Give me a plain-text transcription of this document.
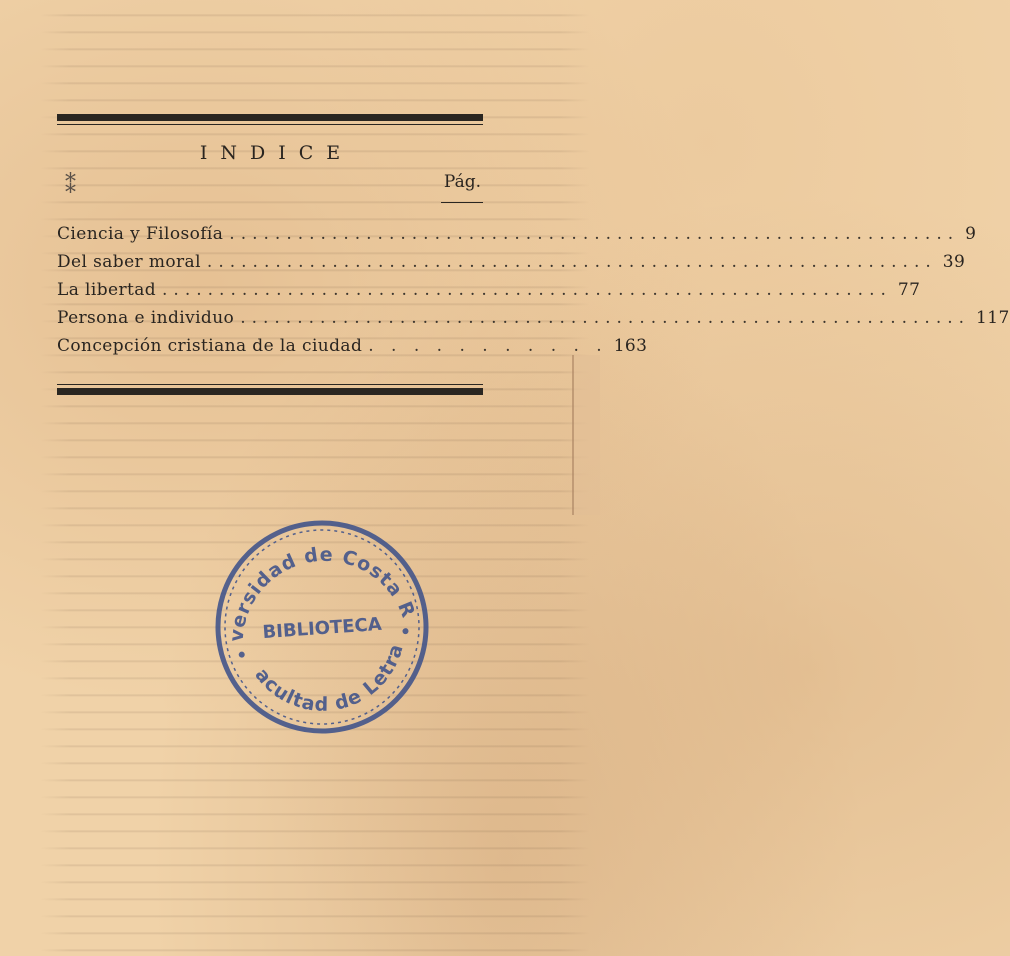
INDICE
⁑	Pág.
Ciencia y Filosofía ................................................................ 9
Del saber moral ................................................................ 39
La libertad ................................................................ 77
Persona e individuo ................................................................ 117
Concepción cristiana de la ciudad . . . . . . . . . . . 163
Universidad de Costa Rica
BIBLIOTECA
Facultad de Letras
